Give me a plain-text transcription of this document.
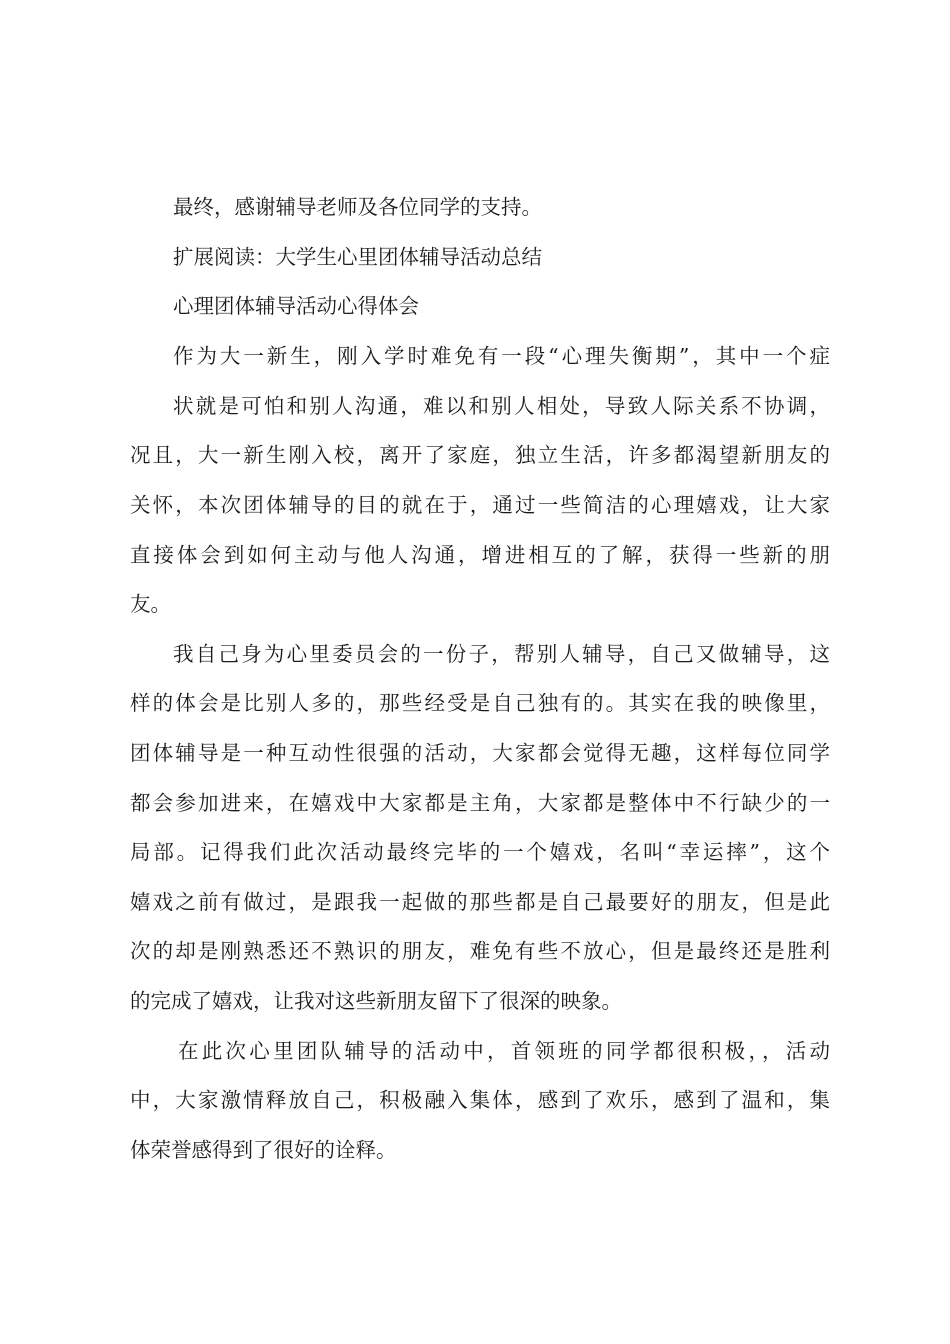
最终，感谢辅导老师及各位同学的支持。
扩展阅读：大学生心里团体辅导活动总结
心理团体辅导活动心得体会
作为大一新生，刚入学时难免有一段“心理失衡期”，其中一个症
状就是可怕和别人沟通，难以和别人相处，导致人际关系不协调，
况且，大一新生刚入校，离开了家庭，独立生活，许多都渴望新朋友的
关怀，本次团体辅导的目的就在于，通过一些简洁的心理嬉戏，让大家
直接体会到如何主动与他人沟通，增进相互的了解，获得一些新的朋
友。
我自己身为心里委员会的一份子，帮别人辅导，自己又做辅导，这
样的体会是比别人多的，那些经受是自己独有的。其实在我的映像里，
团体辅导是一种互动性很强的活动，大家都会觉得无趣，这样每位同学
都会参加进来，在嬉戏中大家都是主角，大家都是整体中不行缺少的一
局部。记得我们此次活动最终完毕的一个嬉戏，名叫“幸运摔”，这个
嬉戏之前有做过，是跟我一起做的那些都是自己最要好的朋友，但是此
次的却是刚熟悉还不熟识的朋友，难免有些不放心，但是最终还是胜利
的完成了嬉戏，让我对这些新朋友留下了很深的映象。
在此次心里团队辅导的活动中，首领班的同学都很积极，，活动
中，大家激情释放自己，积极融入集体，感到了欢乐，感到了温和，集
体荣誉感得到了很好的诠释。
